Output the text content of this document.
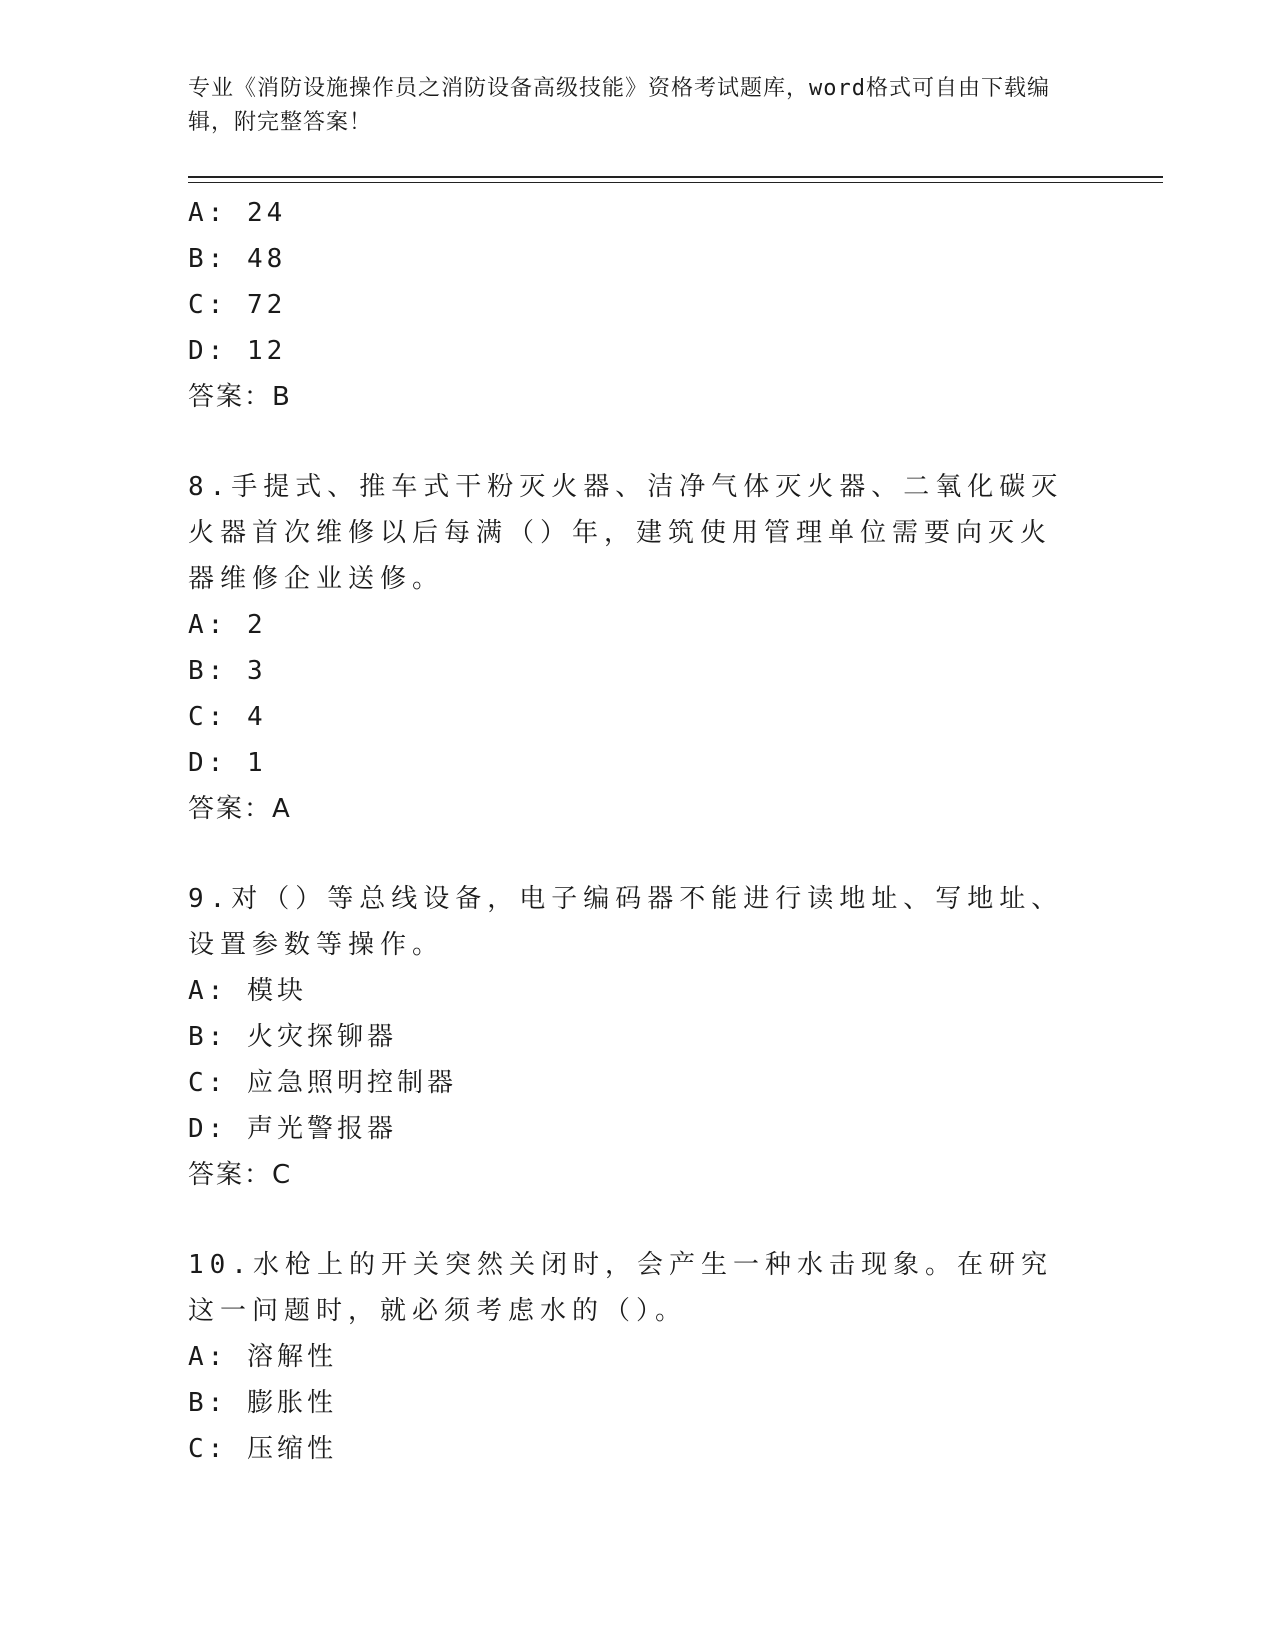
专业《消防设施操作员之消防设备高级技能》资格考试题库，word格式可自由下载编辑，附完整答案！
A: 24
B: 48
C: 72
D: 12
答案：B
8.手提式、推车式干粉灭火器、洁净气体灭火器、二氧化碳灭火器首次维修以后每满（）年，建筑使用管理单位需要向灭火器维修企业送修。
A: 2
B: 3
C: 4
D: 1
答案：A
9.对（）等总线设备，电子编码器不能进行读地址、写地址、设置参数等操作。
A: 模块
B: 火灾探铆器
C: 应急照明控制器
D: 声光警报器
答案：C
10.水枪上的开关突然关闭时，会产生一种水击现象。在研究这一问题时，就必须考虑水的（）。
A: 溶解性
B: 膨胀性
C: 压缩性
